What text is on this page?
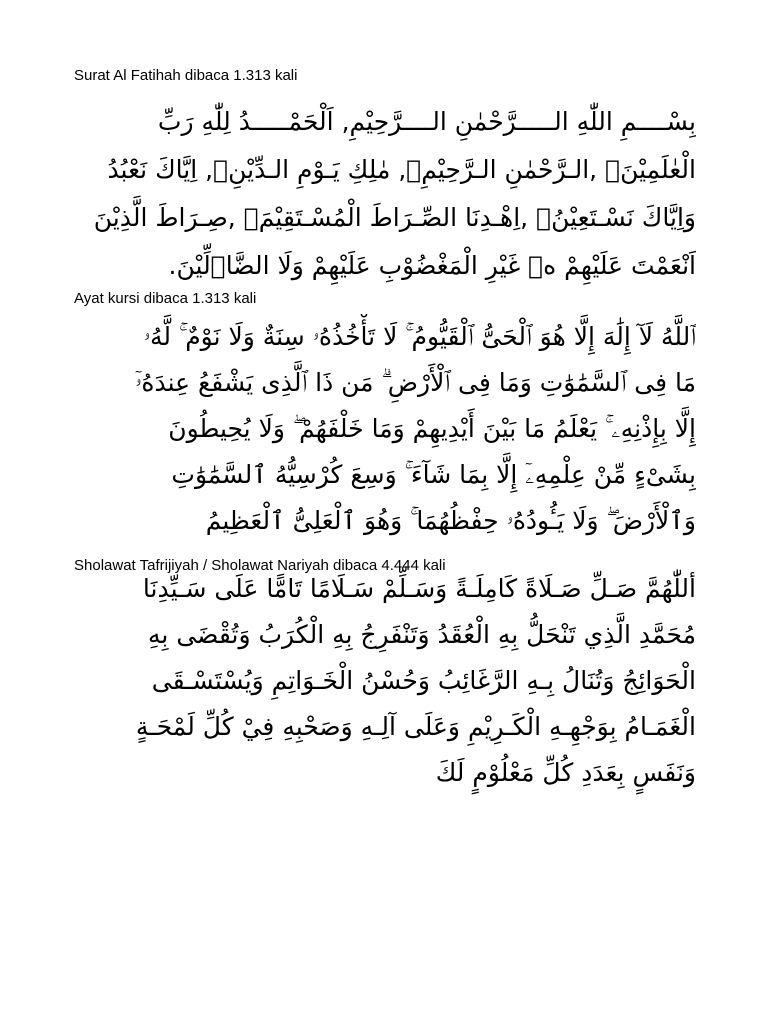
Surat Al Fatihah dibaca 1.313 kali
بِسْــــمِ اللّٰهِ الـــــرَّحْمٰنِ الــــرَّحِيْمِ, اَلْحَمْـــــدُ لِلّٰهِ رَبِّ
الْعٰلَمِيْنَۙ ,الـرَّحْمٰنِ الـرَّحِيْمِۙ, مٰلِكِ يَـوْمِ الـدِّيْنِۗ, اِيَّاكَ نَعْبُدُ
وَاِيَّاكَ نَسْـتَعِيْنُۗ ,اِهْـدِنَا الصِّـرَاطَ الْمُسْـتَقِيْمَۙ ,صِـرَاطَ الَّذِيْنَ
اَنْعَمْتَ عَلَيْهِمْ ەۙ غَيْرِ الْمَغْضُوْبِ عَلَيْهِمْ وَلَا الضَّاۤلِّيْنَ.
Ayat kursi dibaca 1.313 kali
ٱللَّهُ لَآ إِلَٰهَ إِلَّا هُوَ ٱلْحَىُّ ٱلْقَيُّومُ ۚ لَا تَأْخُذُهُۥ سِنَةٌ وَلَا نَوْمٌ ۚ لَّهُۥ
مَا فِى ٱلسَّمَٰوَٰتِ وَمَا فِى ٱلْأَرْضِ ۗ مَن ذَا ٱلَّذِى يَشْفَعُ عِندَهُۥٓ
إِلَّا بِإِذْنِهِۦ ۚ يَعْلَمُ مَا بَيْنَ أَيْدِيهِمْ وَمَا خَلْفَهُمْ ۖ وَلَا يُحِيطُونَ
بِشَىْءٍ مِّنْ عِلْمِهِۦٓ إِلَّا بِمَا شَآءَ ۚ وَسِعَ كُرْسِيُّهُ ٱلسَّمَٰوَٰتِ
وَٱلْأَرْضَ ۖ وَلَا يَـُٔودُهُۥ حِفْظُهُمَا ۚ وَهُوَ ٱلْعَلِىُّ ٱلْعَظِيمُ
Sholawat Tafrijiyah / Sholawat Nariyah dibaca 4.444 kali
أللّٰهُمَّ صَـلِّ صَـلَاةً كَامِلَـةً وَسَـلِّمْ سَـلَامًا تَامًّا عَلَى سَـيِّدِنَا
مُحَمَّدِ الَّذِي تَنْحَلُّ بِهِ الْعُقَدُ وَتَنْفَرِجُ بِهِ الْكُرَبُ وَتُقْضَى بِهِ
الْحَوَائِجُ وَتُنَالُ بِـهِ الرَّغَائِبُ وَحُسْنُ الْخَـوَاتِمِ وَيُسْتَسْـقَى
الْغَمَـامُ بِوَجْهِـهِ الْكَـرِيْمِ وَعَلَى آلِـهِ وَصَحْبِهِ فِيْ كُلِّ لَمْحَـةٍ
وَنَفَسٍ بِعَدَدِ كُلِّ مَعْلُوْمٍ لَكَ
